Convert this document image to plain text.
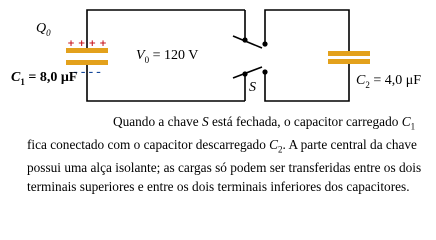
+ + + +
– – – –
$Q_0$
$V_0 = 120$ V
$C_1 = 8,0$ μF
S	$C_2 = 4,0$ μF

Quando a chave S está fechada, o capacitor carregado $C_1$ fica conectado com o capacitor descarregado $C_2$. A parte central da chave possui uma alça isolante; as cargas só podem ser transferidas entre os dois terminais superiores e entre os dois terminais inferiores dos capacitores.
